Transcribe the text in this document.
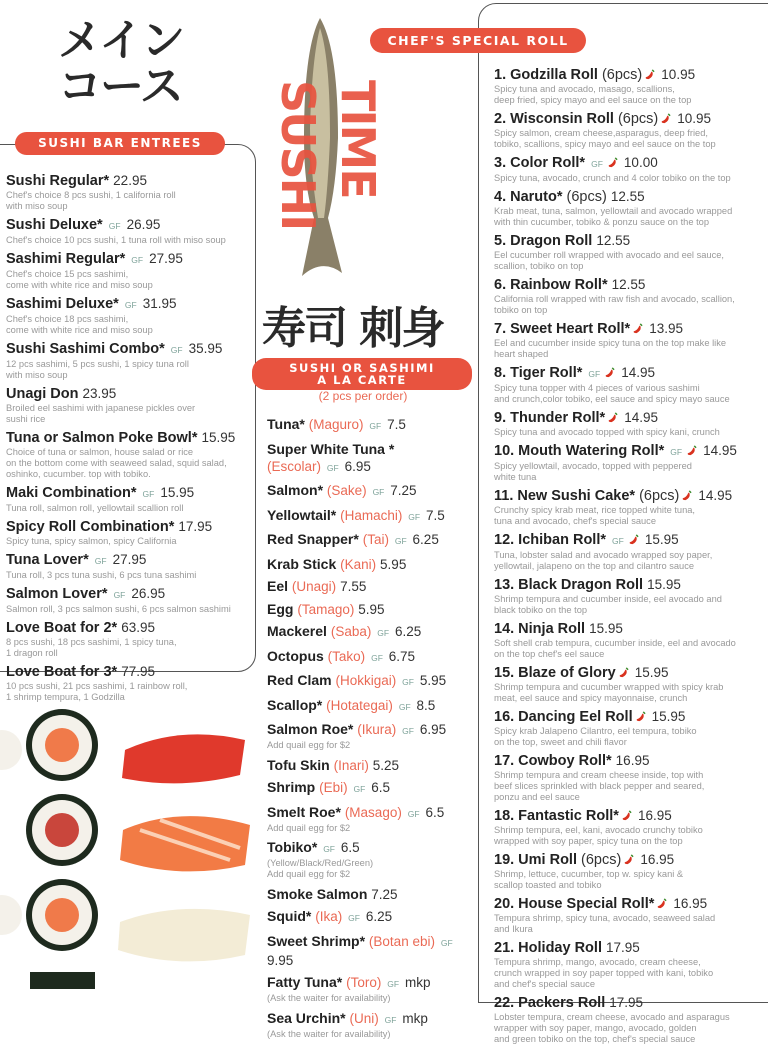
メイン
コース
SUSHI BAR ENTREES
Sushi Regular* 22.95
Chef's choice 8 pcs sushi, 1 california roll
with miso soup
Sushi Deluxe* GF 26.95
Chef's choice 10 pcs sushi, 1 tuna roll with miso soup
Sashimi Regular* GF 27.95
Chef's choice 15 pcs sashimi,
come with white rice and miso soup
Sashimi Deluxe* GF 31.95
Chef's choice 18 pcs sashimi,
come with white rice and miso soup
Sushi Sashimi Combo* GF 35.95
12 pcs sashimi, 5 pcs sushi, 1 spicy tuna roll
with miso soup
Unagi Don 23.95
Broiled eel sashimi with japanese pickles over
sushi rice
Tuna or Salmon Poke Bowl* 15.95
Choice of tuna or salmon, house salad or rice
on the bottom come with seaweed salad, squid salad,
oshinko, cucumber. top with tobiko.
Maki Combination* GF 15.95
Tuna roll, salmon roll, yellowtail scallion roll
Spicy Roll Combination* 17.95
Spicy tuna, spicy salmon, spicy California
Tuna Lover* GF 27.95
Tuna roll, 3 pcs tuna sushi, 6 pcs tuna sashimi
Salmon Lover* GF 26.95
Salmon roll, 3 pcs salmon sushi, 6 pcs salmon sashimi
Love Boat for 2* 63.95
8 pcs sushi, 18 pcs sashimi, 1 spicy tuna,
1 dragon roll
Love Boat for 3* 77.95
10 pcs sushi, 21 pcs sashimi, 1 rainbow roll,
1 shrimp tempura, 1 Godzilla
SUSHI TIME
寿司 刺身
SUSHI OR SASHIMI
A LA CARTE
(2 pcs per order)
Tuna* (Maguro) GF 7.5
Super White Tuna *
(Escolar) GF 6.95
Salmon* (Sake) GF 7.25
Yellowtail* (Hamachi) GF 7.5
Red Snapper* (Tai) GF 6.25
Krab Stick (Kani) 5.95
Eel (Unagi) 7.55
Egg (Tamago) 5.95
Mackerel (Saba) GF 6.25
Octopus (Tako) GF 6.75
Red Clam (Hokkigai) GF 5.95
Scallop* (Hotategai) GF 8.5
Salmon Roe* (Ikura) GF 6.95
Add quail egg for $2
Tofu Skin (Inari) 5.25
Shrimp (Ebi) GF 6.5
Smelt Roe* (Masago) GF 6.5
Add quail egg for $2
Tobiko* GF 6.5
(Yellow/Black/Red/Green)
Add quail egg for $2
Smoke Salmon 7.25
Squid* (Ika) GF 6.25
Sweet Shrimp* (Botan ebi) GF 9.95
Fatty Tuna* (Toro) GF mkp
(Ask the waiter for availability)
Sea Urchin* (Uni) GF mkp
(Ask the waiter for availability)
CHEF'S SPECIAL ROLL
1. Godzilla Roll (6pcs) 10.95
Spicy tuna and avocado, masago, scallions,
deep fried, spicy mayo and eel sauce on the top
2. Wisconsin Roll (6pcs) 10.95
Spicy salmon, cream cheese,asparagus, deep fried,
tobiko, scallions, spicy mayo and eel sauce on the top
3. Color Roll* GF 10.00
Spicy tuna, avocado, crunch and 4 color tobiko on the top
4. Naruto* (6pcs) 12.55
Krab meat, tuna, salmon, yellowtail and avocado wrapped
with thin cucumber, tobiko & ponzu sauce on the top
5. Dragon Roll 12.55
Eel cucumber roll wrapped with avocado and eel sauce,
scallion, tobiko on top
6. Rainbow Roll* 12.55
California roll wrapped with raw fish and avocado, scallion,
tobiko on top
7. Sweet Heart Roll* 13.95
Eel and cucumber inside spicy tuna on the top make like
heart shaped
8. Tiger Roll* GF 14.95
Spicy tuna topper with 4 pieces of various sashimi
and crunch,color tobiko, eel sauce and spicy mayo sauce
9. Thunder Roll* 14.95
Spicy tuna and avocado topped with spicy kani, crunch
10. Mouth Watering Roll* GF 14.95
Spicy yellowtail, avocado, topped with peppered
white tuna
11. New Sushi Cake* (6pcs) 14.95
Crunchy spicy krab meat, rice topped white tuna,
tuna and avocado, chef's special sauce
12. Ichiban Roll* GF 15.95
Tuna, lobster salad and avocado wrapped soy paper,
yellowtail, jalapeno on the top and cilantro sauce
13. Black Dragon Roll 15.95
Shrimp tempura and cucumber inside, eel avocado and
black tobiko on the top
14. Ninja Roll 15.95
Soft shell crab tempura, cucumber inside, eel and avocado
on the top chef's eel sauce
15. Blaze of Glory 15.95
Shrimp tempura and cucumber wrapped with spicy krab
meat, eel sauce and spicy mayonnaise, crunch
16. Dancing Eel Roll 15.95
Spicy krab Jalapeno Cilantro, eel tempura, tobiko
on the top, sweet and chili flavor
17. Cowboy Roll* 16.95
Shrimp tempura and cream cheese inside, top with
beef slices sprinkled with black pepper and seared,
ponzu and eel sauce
18. Fantastic Roll* 16.95
Shrimp tempura, eel, kani, avocado crunchy tobiko
wrapped with soy paper, spicy tuna on the top
19. Umi Roll (6pcs) 16.95
Shrimp, lettuce, cucumber, top w. spicy kani &
scallop toasted and tobiko
20. House Special Roll* 16.95
Tempura shrimp, spicy tuna, avocado, seaweed salad
and Ikura
21. Holiday Roll 17.95
Tempura shrimp, mango, avocado, cream cheese,
crunch wrapped in soy paper topped with kani, tobiko
and chef's special sauce
22. Packers Roll 17.95
Lobster tempura, cream cheese, avocado and asparagus
wrapper with soy paper, mango, avocado, golden
and green tobiko on the top, chef's special sauce
